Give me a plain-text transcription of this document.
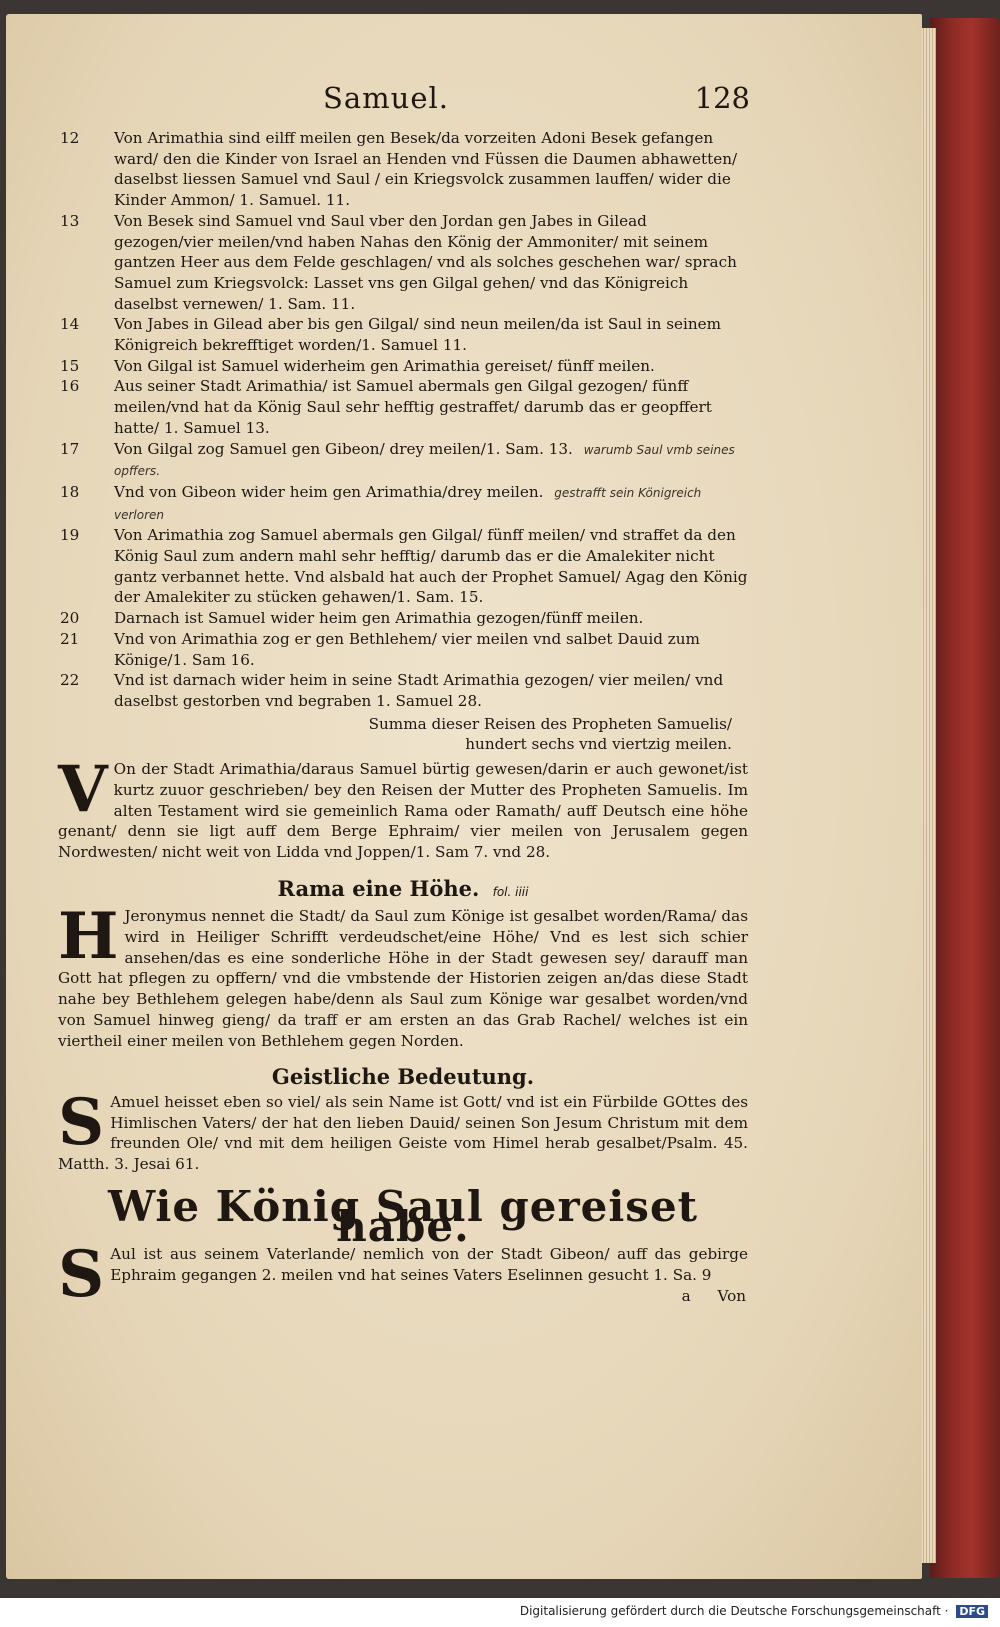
Samuel.	128
12	Von Arimathia sind eilff meilen gen Besek/da vorzeiten Adoni Besek gefangen ward/ den die Kinder von Israel an Henden vnd Füssen die Daumen abhawetten/ daselbst liessen Samuel vnd Saul / ein Kriegsvolck zusammen lauffen/ wider die Kinder Ammon/ 1. Samuel. 11.
13	Von Besek sind Samuel vnd Saul vber den Jordan gen Jabes in Gilead gezogen/vier meilen/vnd haben Nahas den König der Ammoniter/ mit seinem gantzen Heer aus dem Felde geschlagen/ vnd als solches geschehen war/ sprach Samuel zum Kriegsvolck: Lasset vns gen Gilgal gehen/ vnd das Königreich daselbst vernewen/ 1. Sam. 11.
14	Von Jabes in Gilead aber bis gen Gilgal/ sind neun meilen/da ist Saul in seinem Königreich bekrefftiget worden/1. Samuel 11.
15	Von Gilgal ist Samuel widerheim gen Arimathia gereiset/ fünff meilen.
16	Aus seiner Stadt Arimathia/ ist Samuel abermals gen Gilgal gezogen/ fünff meilen/vnd hat da König Saul sehr hefftig gestraffet/ darumb das er geopffert hatte/ 1. Samuel 13.
17	Von Gilgal zog Samuel gen Gibeon/ drey meilen/1. Sam. 13. warumb Saul vmb seines opffers.
18	Vnd von Gibeon wider heim gen Arimathia/drey meilen. gestrafft sein Königreich verloren
19	Von Arimathia zog Samuel abermals gen Gilgal/ fünff meilen/ vnd straffet da den König Saul zum andern mahl sehr hefftig/ darumb das er die Amalekiter nicht gantz verbannet hette. Vnd alsbald hat auch der Prophet Samuel/ Agag den König der Amalekiter zu stücken gehawen/1. Sam. 15.
20	Darnach ist Samuel wider heim gen Arimathia gezogen/fünff meilen.
21	Vnd von Arimathia zog er gen Bethlehem/ vier meilen vnd salbet Dauid zum Könige/1. Sam 16.
22	Vnd ist darnach wider heim in seine Stadt Arimathia gezogen/ vier meilen/ vnd daselbst gestorben vnd begraben 1. Samuel 28.
Summa dieser Reisen des Propheten Samuelis/
hundert sechs vnd viertzig meilen.
V On der Stadt Arimathia/daraus Samuel bürtig gewesen/darin er auch gewonet/ist kurtz zuuor geschrieben/ bey den Reisen der Mutter des Propheten Samuelis. Im alten Testament wird sie gemeinlich Rama oder Ramath/ auff Deutsch eine höhe genant/ denn sie ligt auff dem Berge Ephraim/ vier meilen von Jerusalem gegen Nordwesten/ nicht weit von Lidda vnd Joppen/1. Sam 7. vnd 28.
Rama eine Höhe. fol. iiii
H Jeronymus nennet die Stadt/ da Saul zum Könige ist gesalbet worden/Rama/ das wird in Heiliger Schrifft verdeudschet/eine Höhe/ Vnd es lest sich schier ansehen/das es eine sonderliche Höhe in der Stadt gewesen sey/ darauff man Gott hat pflegen zu opffern/ vnd die vmbstende der Historien zeigen an/das diese Stadt nahe bey Bethlehem gelegen habe/denn als Saul zum Könige war gesalbet worden/vnd von Samuel hinweg gieng/ da traff er am ersten an das Grab Rachel/ welches ist ein viertheil einer meilen von Bethlehem gegen Norden.
Geistliche Bedeutung.
S Amuel heisset eben so viel/ als sein Name ist Gott/ vnd ist ein Fürbilde GOttes des Himlischen Vaters/ der hat den lieben Dauid/ seinen Son Jesum Christum mit dem freunden Ole/ vnd mit dem heiligen Geiste vom Himel herab gesalbet/Psalm. 45. Matth. 3. Jesai 61.
Wie König Saul gereiset habe.
S Aul ist aus seinem Vaterlande/ nemlich von der Stadt Gibeon/ auff das gebirge Ephraim gegangen 2. meilen vnd hat seines Vaters Eselinnen gesucht 1. Sa. 9
a Von
Digitalisierung gefördert durch die Deutsche Forschungsgemeinschaft · DFG
